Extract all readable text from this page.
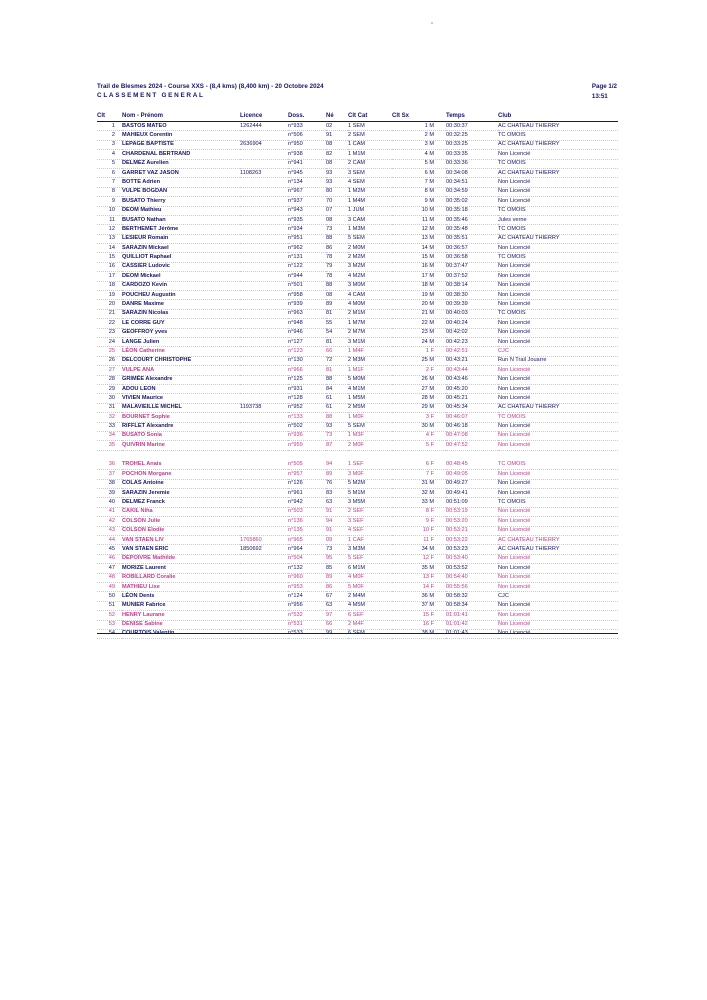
Trail de Blesmes 2024 - Course XXS - (8,4 kms) (8,400 km) - 20 Octobre 2024
CLASSEMENT GENERAL
Page 1/2
13:51
Clt	Nom - Prénom	Licence	Doss.	Né	Clt Cat	Clt Sx	Temps	Club
1	BASTOS MATEO	1262444	n°933	02	1 SEM	1 M	00:30:37	AC CHATEAU THIERRY
2	MAHIEUX Corentin		n°506	91	2 SEM	2 M	00:32:25	TC OMOIS
3	LEPAGE BAPTISTE	2636904	n°950	08	1 CAM	3 M	00:33:25	AC CHATEAU THIERRY
4	CHARDENAL BERTRAND		n°938	82	1 M1M	4 M	00:33:35	Non Licencié
5	DELMEZ Aurelien		n°941	08	2 CAM	5 M	00:33:36	TC OMOIS
6	GARRET VAZ JASON	1108263	n°945	93	3 SEM	6 M	00:34:08	AC CHATEAU THIERRY
7	BOTTE Adrien		n°134	93	4 SEM	7 M	00:34:51	Non Licencié
8	VULPE BOGDAN		n°967	80	1 M2M	8 M	00:34:59	Non Licencié
9	BUSATO Thierry		n°937	70	1 M4M	9 M	00:35:02	Non Licencié
10	DEOM Mathieu		n°943	07	1 JUM	10 M	00:35:18	TC OMOIS
11	BUSATO Nathan		n°935	08	3 CAM	11 M	00:35:46	Jules verne
12	BERTHEMET Jérôme		n°934	73	1 M3M	12 M	00:35:48	TC OMOIS
13	LESIEUR Romain		n°951	88	5 SEM	13 M	00:35:51	AC CHATEAU THIERRY
14	SARAZIN Mickael		n°962	86	2 M0M	14 M	00:36:57	Non Licencié
15	QUILLIOT Raphael		n°131	78	2 M2M	15 M	00:36:58	TC OMOIS
16	CASSIER Ludovic		n°122	79	3 M2M	16 M	00:37:47	Non Licencié
17	DEOM Mickael		n°944	78	4 M2M	17 M	00:37:52	Non Licencié
18	CARDOZO Kevin		n°501	88	3 M0M	18 M	00:38:14	Non Licencié
19	POUCHEU Augustin		n°958	08	4 CAM	19 M	00:38:30	Non Licencié
20	DANRE Maxime		n°939	89	4 M0M	20 M	00:39:39	Non Licencié
21	SARAZIN Nicolas		n°963	81	2 M1M	21 M	00:40:03	TC OMOIS
22	LE CORRE GUY		n°948	55	1 M7M	22 M	00:40:24	Non Licencié
23	GEOFFROY yves		n°946	54	2 M7M	23 M	00:42:02	Non Licencié
24	LANGE Julien		n°127	81	3 M1M	24 M	00:42:23	Non Licencié
25	LÉON Catherine		n°123	66	1 M4F	1 F	00:42:51	CJC
26	DELCOURT CHRISTOPHE		n°130	72	2 M3M	25 M	00:43:21	Run N Trail Jouarre
27	VULPE ANA		n°966	81	1 M1F	2 F	00:43:44	Non Licencié
28	GRIMÉE Alexandre		n°125	88	5 M0M	26 M	00:43:46	Non Licencié
29	ADOU LEON		n°931	84	4 M1M	27 M	00:45:20	Non Licencié
30	VIVIEN Maurice		n°128	61	1 M5M	28 M	00:45:21	Non Licencié
31	MALAVIEILLE MICHEL	1193738	n°952	61	2 M5M	29 M	00:45:34	AC CHATEAU THIERRY
32	BOURNET Sophie		n°133	88	1 M0F	3 F	00:46:07	TC OMOIS
33	RIFFLET Alexandre		n°502	93	5 SEM	30 M	00:46:18	Non Licencié
34	BUSATO Sonia		n°936	73	1 M3F	4 F	00:47:08	Non Licencié
35	QUIVRIN Marine		n°959	87	2 M0F	5 F	00:47:52	Non Licencié

36	TROHEL Anais		n°505	94	1 SEF	6 F	00:48:45	TC OMOIS
37	POCHON Morgane		n°957	89	3 M0F	7 F	00:49:05	Non Licencié
38	COLAS Antoine		n°126	76	5 M2M	31 M	00:49:27	Non Licencié
39	SARAZIN Jeremie		n°961	83	5 M1M	32 M	00:49:41	Non Licencié
40	DELMEZ Franck		n°942	63	3 M5M	33 M	00:51:09	TC OMOIS
41	CAKIL Niha		n°503	91	2 SEF	8 F	00:53:19	Non Licencié
42	COLSON Julie		n°136	94	3 SEF	9 F	00:53:20	Non Licencié
43	COLSON Elodie		n°135	91	4 SEF	10 F	00:53:21	Non Licencié
44	VAN STAEN LIV	1765860	n°965	09	1 CAF	11 F	00:53:22	AC CHATEAU THIERRY
45	VAN STAEN ERIC	1850692	n°964	73	3 M3M	34 M	00:53:23	AC CHATEAU THIERRY
46	DEPOIVRE Mathilde		n°504	95	5 SEF	12 F	00:53:40	Non Licencié
47	MORIZE Laurent		n°132	85	6 M1M	35 M	00:53:52	Non Licencié
48	ROBILLARD Coralie		n°960	89	4 M0F	13 F	00:54:40	Non Licencié
49	MATHIEU Lise		n°953	86	5 M0F	14 F	00:55:56	Non Licencié
50	LÉON Denis		n°124	67	2 M4M	36 M	00:58:32	CJC
51	MUNIER Fabrice		n°956	63	4 M5M	37 M	00:58:34	Non Licencié
52	HENRY Laurane		n°532	97	6 SEF	15 F	01:01:41	Non Licencié
53	DENISE Sabine		n°531	66	2 M4F	16 F	01:01:42	Non Licencié
54	COURTOIS Valentin		n°533	99	6 SEM	38 M	01:01:43	Non Licencié
